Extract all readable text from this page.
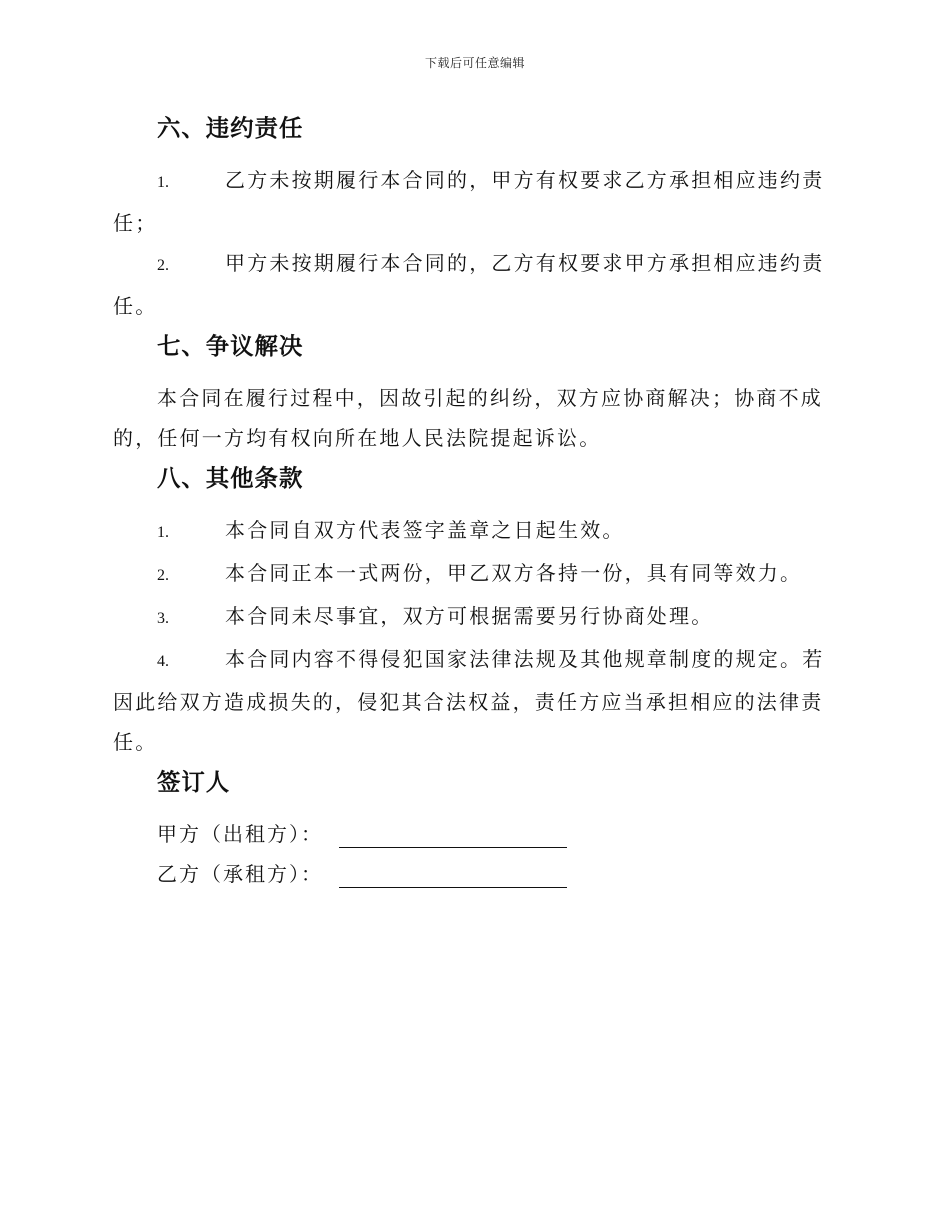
下载后可任意编辑
六、违约责任

1.	乙方未按期履行本合同的，甲方有权要求乙方承担相应违约责任；

2.	甲方未按期履行本合同的，乙方有权要求甲方承担相应违约责任。

七、争议解决

本合同在履行过程中，因故引起的纠纷，双方应协商解决；协商不成的，任何一方均有权向所在地人民法院提起诉讼。

八、其他条款

1.	本合同自双方代表签字盖章之日起生效。

2.	本合同正本一式两份，甲乙双方各持一份，具有同等效力。

3.	本合同未尽事宜，双方可根据需要另行协商处理。

4.	本合同内容不得侵犯国家法律法规及其他规章制度的规定。若因此给双方造成损失的，侵犯其合法权益，责任方应当承担相应的法律责任。

签订人
甲方（出租方）：
乙方（承租方）：
